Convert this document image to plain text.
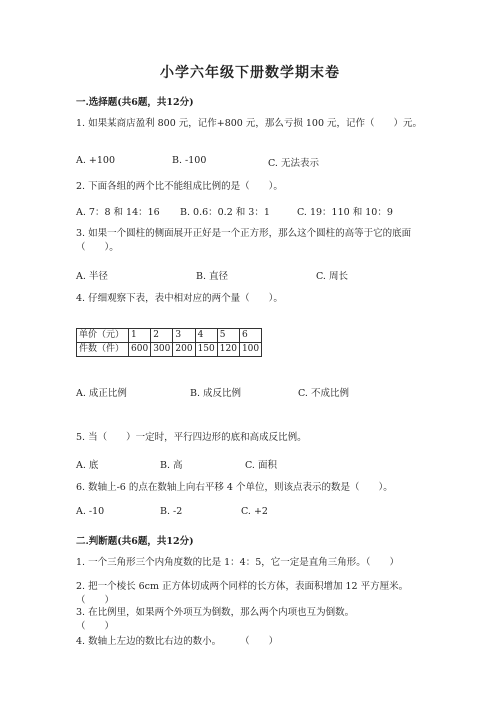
小学六年级下册数学期末卷
一.选择题(共6题，共12分)
1. 如果某商店盈利 800 元，记作+800 元，那么亏损 100 元，记作（　　）元。
A. +100	B. -100	C. 无法表示
2. 下面各组的两个比不能组成比例的是（　　）。
A. 7：8 和 14：16 B. 0.6：0.2 和 3：1	C. 19：110 和 10：9
3. 如果一个圆柱的侧面展开正好是一个正方形，那么这个圆柱的高等于它的底面（　　）。
A. 半径	B. 直径	C. 周长
4. 仔细观察下表，表中相对应的两个量（　　）。
单价（元）	1	2	3	4	5	6
件数（件）	600	300	200	150	120	100
A. 成正比例	B. 成反比例	C. 不成比例
5. 当（　　）一定时，平行四边形的底和高成反比例。
A. 底	B. 高	C. 面积
6. 数轴上-6 的点在数轴上向右平移 4 个单位，则该点表示的数是（　　）。
A. -10	B. -2	C. +2
二.判断题(共6题，共12分)
1. 一个三角形三个内角度数的比是 1：4：5，它一定是直角三角形。（　　）
2. 把一个棱长 6cm 正方体切成两个同样的长方体，表面积增加 12 平方厘米。（　　）
3. 在比例里，如果两个外项互为倒数，那么两个内项也互为倒数。（　　）
4. 数轴上左边的数比右边的数小。　　　（　　）
